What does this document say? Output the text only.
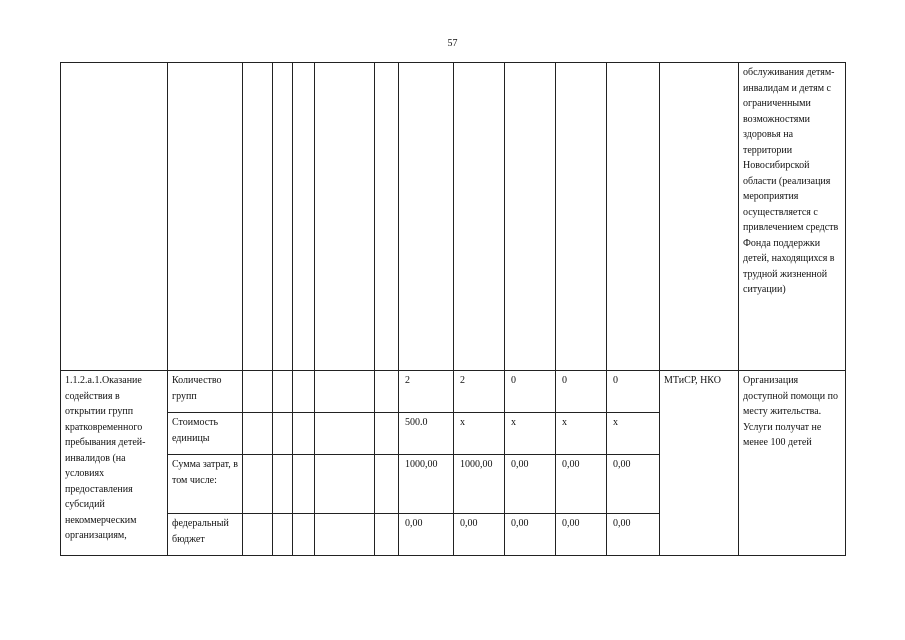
57
													обслуживания детям-инвалидам и детям с ограниченными возможностями здоровья на территории Новосибирской области (реализация мероприятия осуществляется с привлечением средств Фонда поддержки детей, находящихся в трудной жизненной ситуации)
1.1.2.а.1.Оказание содействия в открытии групп кратковременного пребывания детей-инвалидов (на условиях предоставления субсидий некоммерческим организациям,	Количество групп						2	2	0	0	0	МТиСР, НКО	Организация доступной помощи по месту жительства. Услуги получат не менее 100 детей
	Стоимость единицы						500.0	х	х	х	х		
	Сумма затрат, в том числе:						1000,00	1000,00	0,00	0,00	0,00		
	федеральный бюджет						0,00	0,00	0,00	0,00	0,00		
